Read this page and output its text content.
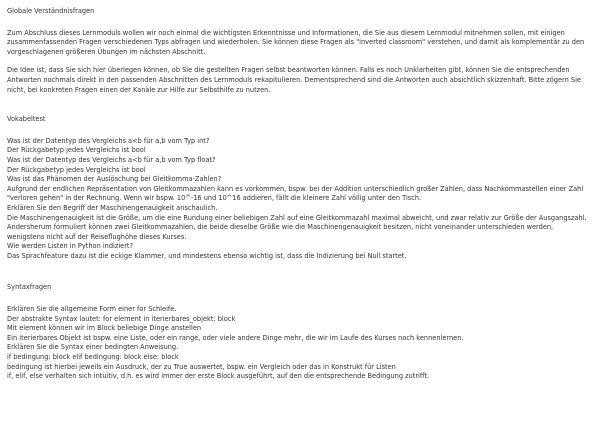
Globale Verständnisfragen

Zum Abschluss dieses Lernmoduls wollen wir noch einmal die wichtigsten Erkenntnisse und Informationen, die Sie aus diesem Lernmodul mitnehmen sollen, mit einigen zusammenfassenden Fragen verschiedenen Typs abfragen und wiederholen. Sie können diese Fragen als "inverted classroom" verstehen, und damit als komplementär zu den vorgeschlagenen größeren Übungen im nächsten Abschnitt.

Die Idee ist, dass Sie sich hier überlegen können, ob Sie die gestellten Fragen selbst beantworten können. Falls es noch Unklarheiten gibt, können Sie die entsprechenden Antworten nochmals direkt in den passenden Abschnitten des Lernmoduls rekapitulieren. Dementsprechend sind die Antworten auch absichtlich skizzenhaft. Bitte zögern Sie nicht, bei konkreten Fragen einen der Kanäle zur Hilfe zur Selbsthilfe zu nutzen.

Vokabeltest
Was ist der Datentyp des Vergleichs a<b für a,b vom Typ int?
Der Rückgabetyp jedes Vergleichs ist bool
Was ist der Datentyp des Vergleichs a<b für a,b vom Typ float?
Der Rückgabetyp jedes Vergleichs ist bool
Was ist das Phänomen der Auslöschung bei Gleitkomma-Zahlen?
Aufgrund der endlichen Repräsentation von Gleitkommazahlen kann es vorkommen, bspw. bei der Addition unterschiedlich großer Zahlen, dass Nachkommastellen einer Zahl "verloren gehen" in der Rechnung. Wenn wir bspw. 10^-16 und 10^16 addieren, fällt die kleinere Zahl völlig unter den Tisch.
Erklären Sie den Begriff der Maschinengenauigkeit anschaulich.
Die Maschinengenauigkeit ist die Größe, um die eine Rundung einer beliebigen Zahl auf eine Gleitkommazahl maximal abweicht, und zwar relativ zur Größe der Ausgangszahl. Andersherum formuliert können zwei Gleitkommazahlen, die beide dieselbe Größe wie die Maschinengenauigkeit besitzen, nicht voneinander unterschieden werden, wenigstens nicht auf der Reiseflughöhe dieses Kurses.
Wie werden Listen in Python indiziert?
Das Sprachfeature dazu ist die eckige Klammer, und mindestens ebenso wichtig ist, dass die Indizierung bei Null startet.
Syntaxfragen
Erklären Sie die allgemeine Form einer for Schleife.
Der abstrakte Syntax lautet: for element in iterierbares_objekt: block
Mit element können wir im Block beliebige Dinge anstellen
Ein iterierbares Objekt ist bspw. eine Liste, oder ein range, oder viele andere Dinge mehr, die wir im Laufe des Kurses noch kennenlernen.
Erklären Sie die Syntax einer bedingten Anweisung.
if bedingung: block elif bedingung: block else: block
bedingung ist hierbei jeweils ein Ausdruck, der zu True auswertet, bspw. ein Vergleich oder das in Konstrukt für Listen
if, elif, else verhalten sich intuitiv, d.h. es wird immer der erste Block ausgeführt, auf den die entsprechende Bedingung zutrifft.
